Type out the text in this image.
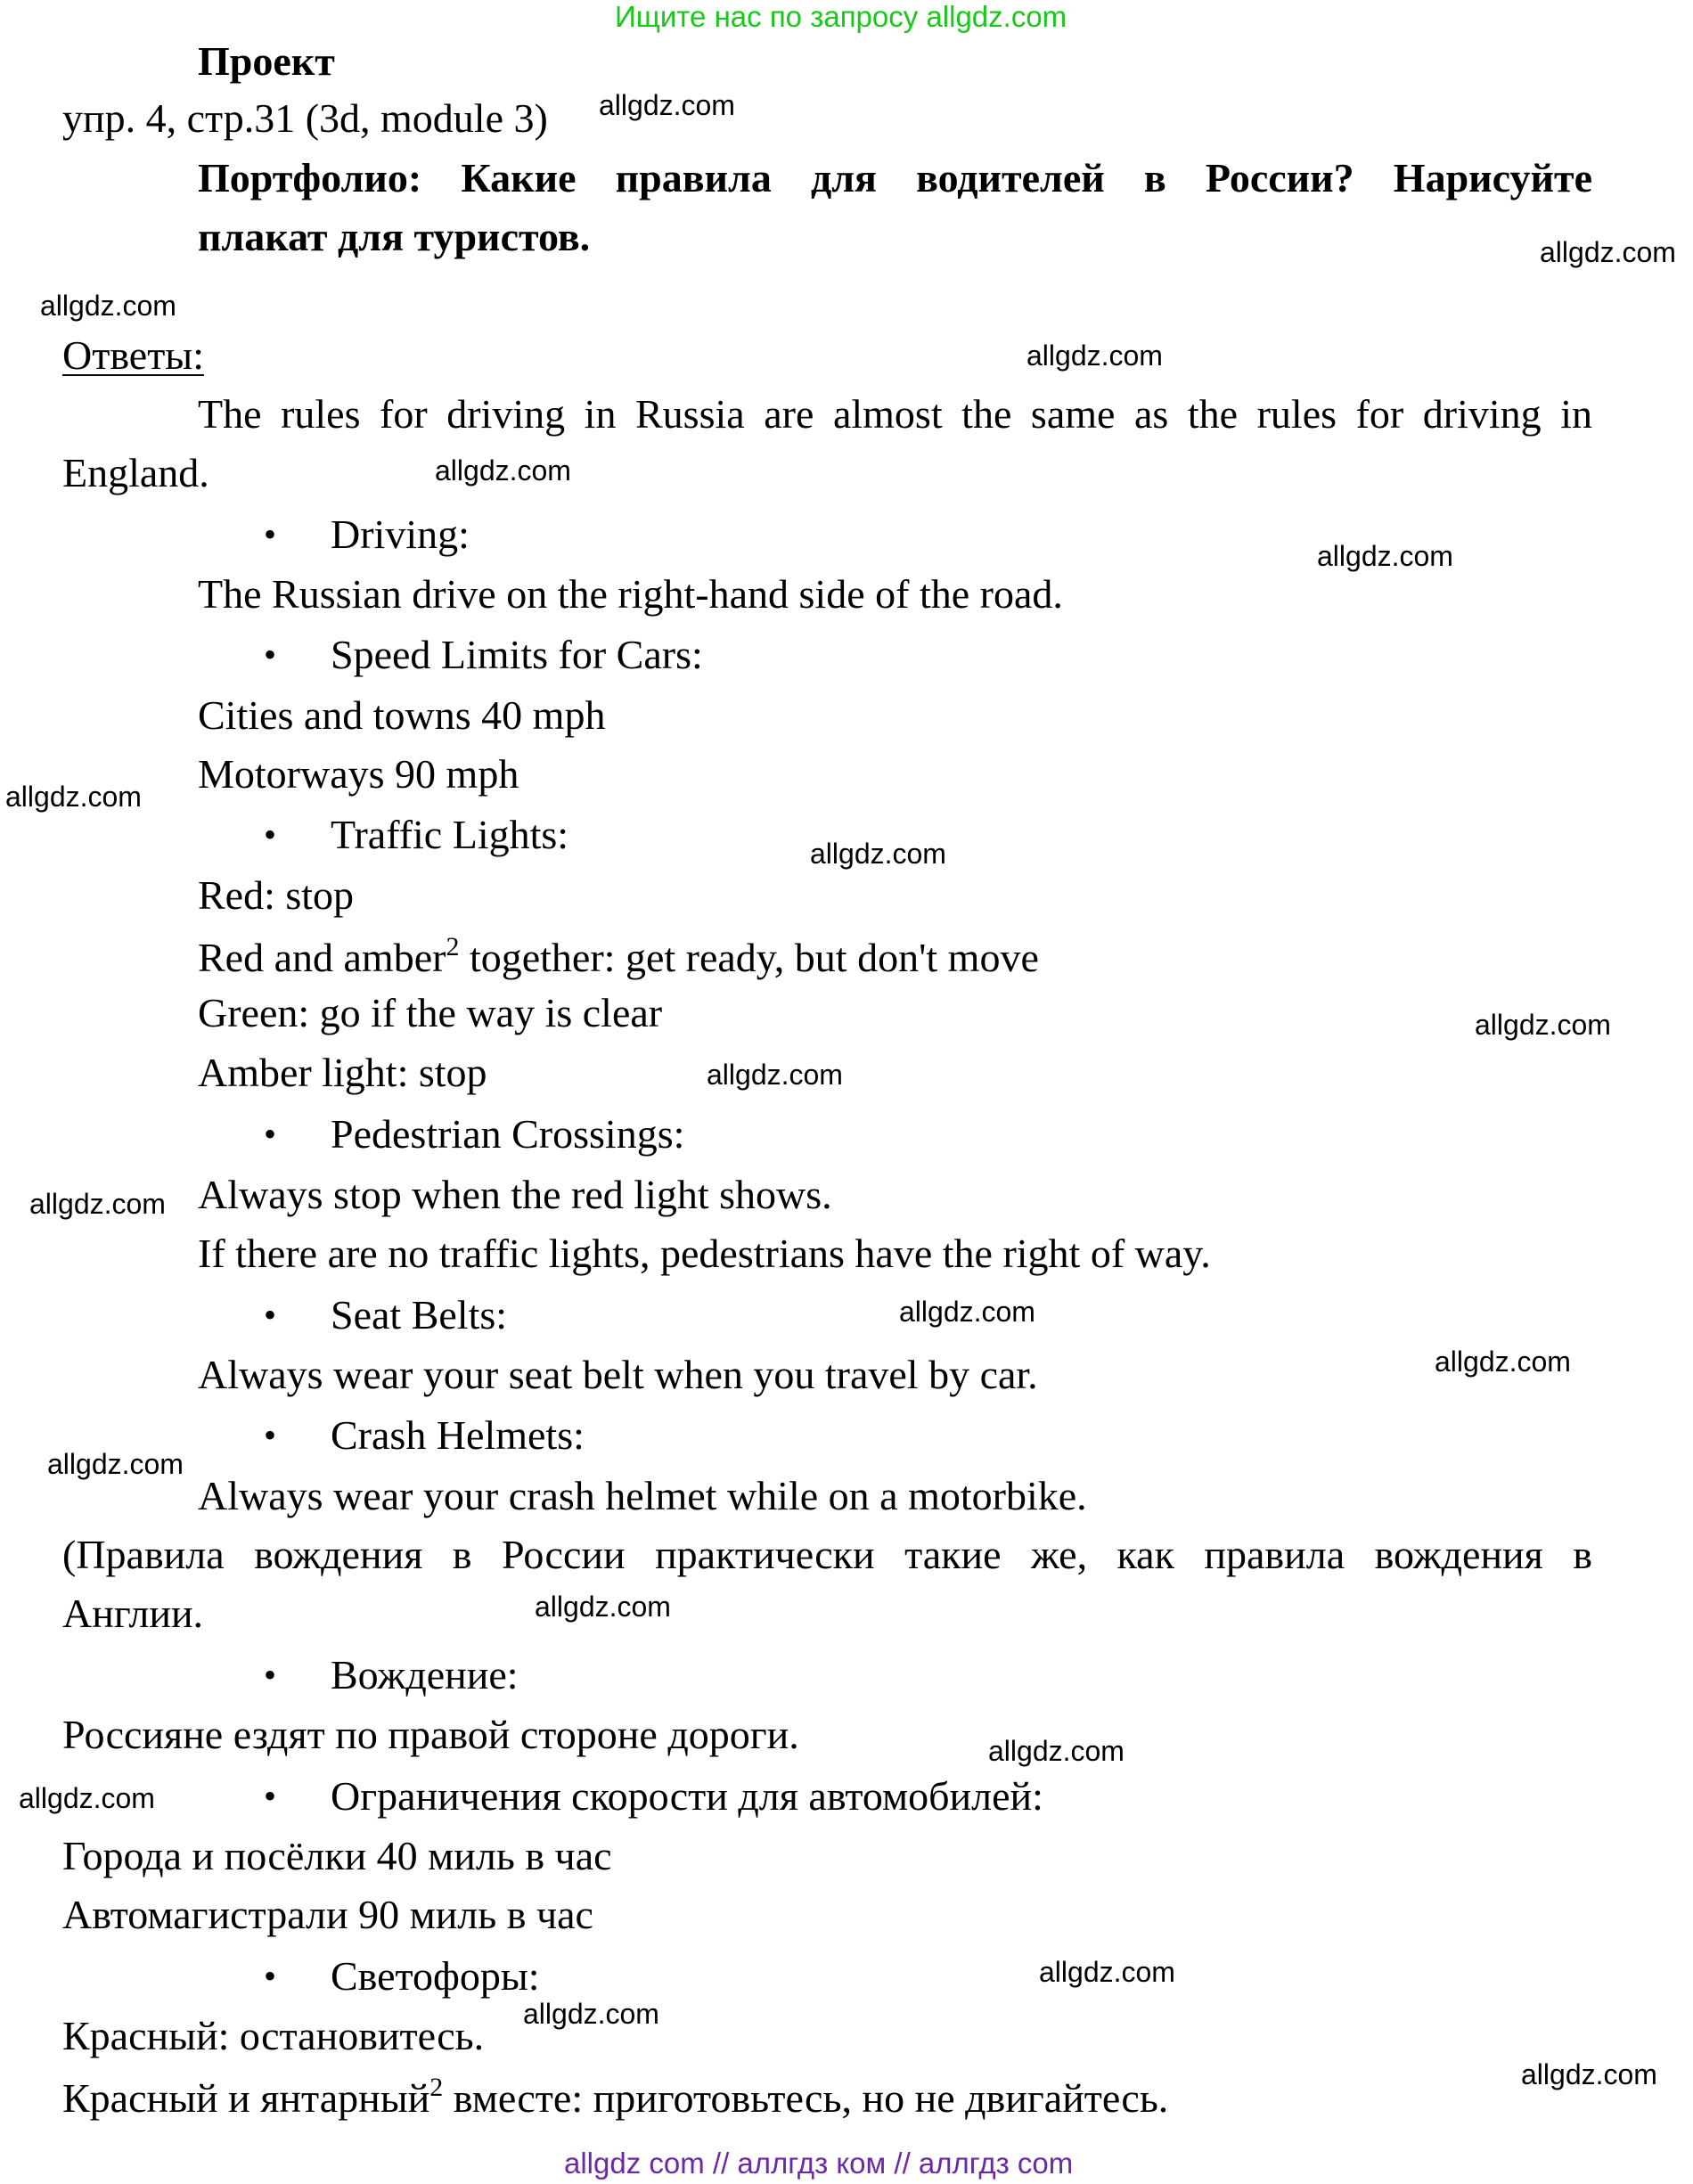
Ищите нас по запросу allgdz.com
allgdz com // аллгдз ком // аллгдз com
Проект
упр. 4, стр.31 (3d, module 3)
Портфолио: Какие правила для водителей в России? Нарисуйте
плакат для туристов.
Ответы:
The rules for driving in Russia are almost the same as the rules for driving in
England.
• Driving:
The Russian drive on the right-hand side of the road.
• Speed Limits for Cars:
Cities and towns 40 mph
Motorways 90 mph
• Traffic Lights:
Red: stop
Red and amber$^2$ together: get ready, but don't move
Green: go if the way is clear
Amber light: stop
• Pedestrian Crossings:
Always stop when the red light shows.
If there are no traffic lights, pedestrians have the right of way.
• Seat Belts:
Always wear your seat belt when you travel by car.
• Crash Helmets:
Always wear your crash helmet while on a motorbike.
(Правила вождения в России практически такие же, как правила вождения в
Англии.
• Вождение:
Россияне ездят по правой стороне дороги.
• Ограничения скорости для автомобилей:
Города и посёлки 40 миль в час
Автомагистрали 90 миль в час
• Светофоры:
Красный: остановитесь.
Красный и янтарный$^2$ вместе: приготовьтесь, но не двигайтесь.
allgdz.com
allgdz.com
allgdz.com
allgdz.com
allgdz.com
allgdz.com
allgdz.com
allgdz.com
allgdz.com
allgdz.com
allgdz.com
allgdz.com
allgdz.com
allgdz.com
allgdz.com
allgdz.com
allgdz.com
allgdz.com
allgdz.com
allgdz.com
